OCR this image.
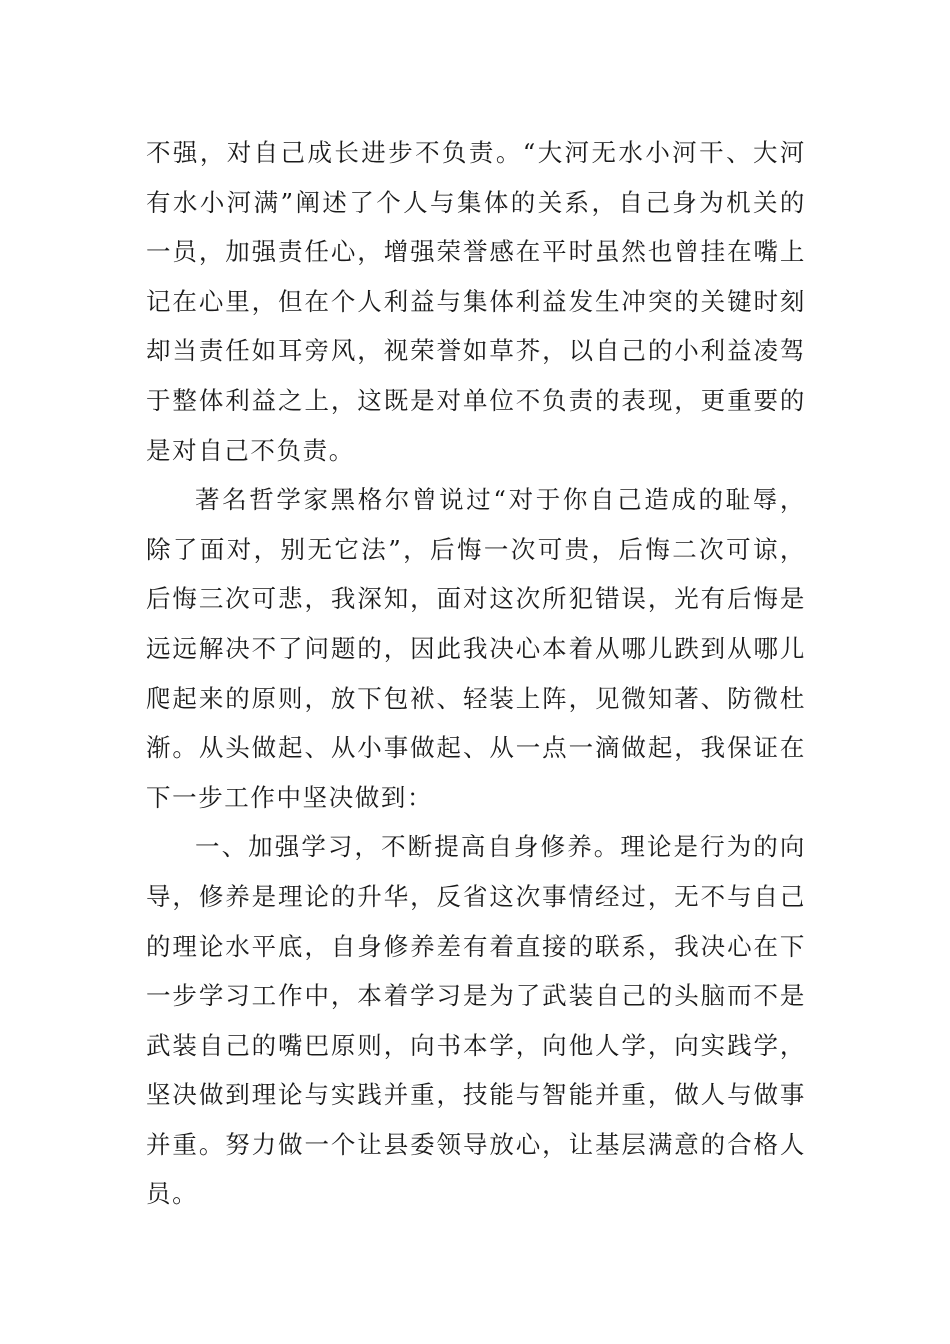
不强，对自己成长进步不负责。“大河无水小河干、大河有水小河满”阐述了个人与集体的关系，自己身为机关的一员，加强责任心，增强荣誉感在平时虽然也曾挂在嘴上记在心里，但在个人利益与集体利益发生冲突的关键时刻却当责任如耳旁风，视荣誉如草芥，以自己的小利益凌驾于整体利益之上，这既是对单位不负责的表现，更重要的是对自己不负责。

著名哲学家黑格尔曾说过“对于你自己造成的耻辱，除了面对，别无它法”，后悔一次可贵，后悔二次可谅，后悔三次可悲，我深知，面对这次所犯错误，光有后悔是远远解决不了问题的，因此我决心本着从哪儿跌到从哪儿爬起来的原则，放下包袱、轻装上阵，见微知著、防微杜渐。从头做起、从小事做起、从一点一滴做起，我保证在下一步工作中坚决做到：

一、加强学习，不断提高自身修养。理论是行为的向导，修养是理论的升华，反省这次事情经过，无不与自己的理论水平底，自身修养差有着直接的联系，我决心在下一步学习工作中，本着学习是为了武装自己的头脑而不是武装自己的嘴巴原则，向书本学，向他人学，向实践学，坚决做到理论与实践并重，技能与智能并重，做人与做事并重。努力做一个让县委领导放心，让基层满意的合格人员。
